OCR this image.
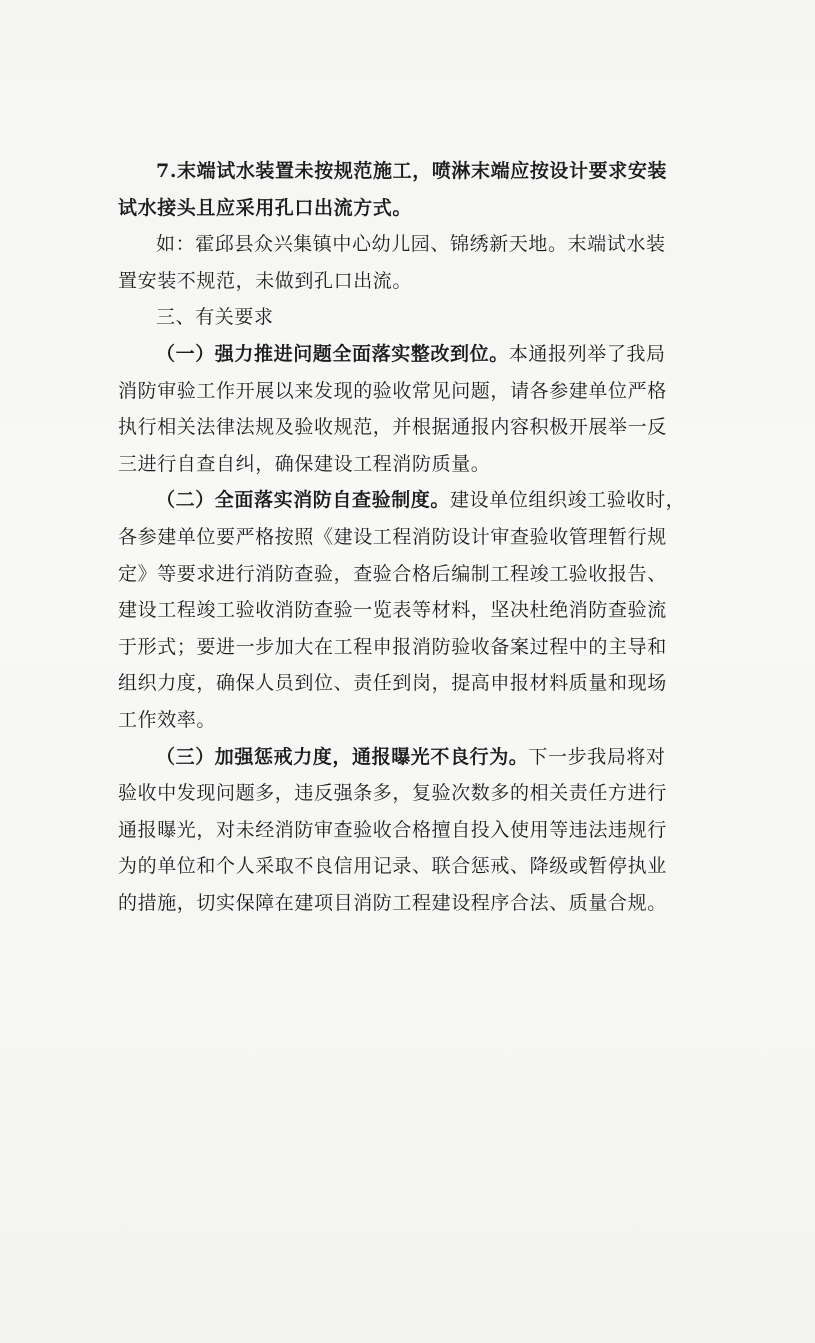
7.末端试水装置未按规范施工，喷淋末端应按设计要求安装
试水接头且应采用孔口出流方式。
如：霍邱县众兴集镇中心幼儿园、锦绣新天地。末端试水装
置安装不规范，未做到孔口出流。
三、有关要求
（一）强力推进问题全面落实整改到位。本通报列举了我局
消防审验工作开展以来发现的验收常见问题，请各参建单位严格
执行相关法律法规及验收规范，并根据通报内容积极开展举一反
三进行自查自纠，确保建设工程消防质量。
（二）全面落实消防自查验制度。建设单位组织竣工验收时，
各参建单位要严格按照《建设工程消防设计审查验收管理暂行规
定》等要求进行消防查验，查验合格后编制工程竣工验收报告、
建设工程竣工验收消防查验一览表等材料，坚决杜绝消防查验流
于形式；要进一步加大在工程申报消防验收备案过程中的主导和
组织力度，确保人员到位、责任到岗，提高申报材料质量和现场
工作效率。
（三）加强惩戒力度，通报曝光不良行为。下一步我局将对
验收中发现问题多，违反强条多，复验次数多的相关责任方进行
通报曝光，对未经消防审查验收合格擅自投入使用等违法违规行
为的单位和个人采取不良信用记录、联合惩戒、降级或暂停执业
的措施，切实保障在建项目消防工程建设程序合法、质量合规。
